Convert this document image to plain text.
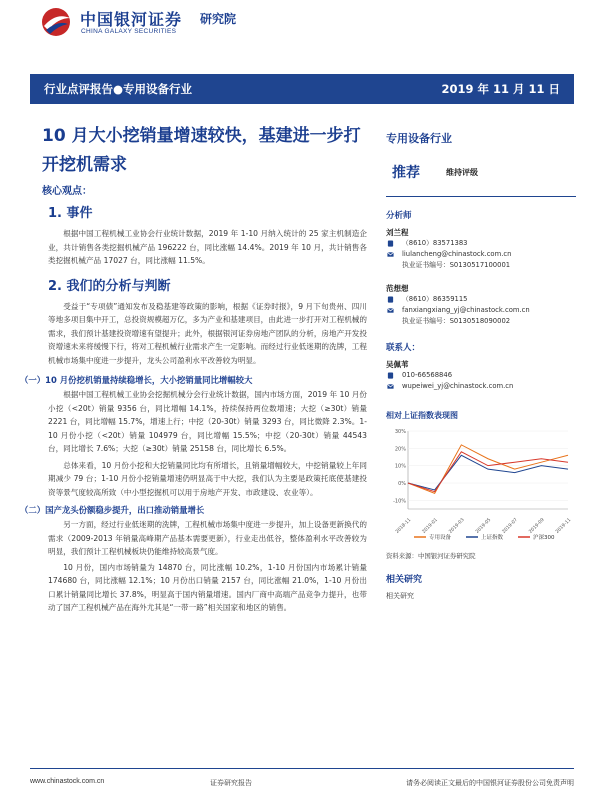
中国银河证券
CHINA GALAXY SECURITIES
研究院
行业点评报告●专用设备行业	2019 年 11 月 11 日
10 月大小挖销量增速较快，基建进一步打开挖机需求
核心观点：
1. 事件
根据中国工程机械工业协会行业统计数据，2019 年 1-10 月纳入统计的 25 家主机制造企业，共计销售各类挖掘机械产品 196222 台，同比涨幅 14.4%。2019 年 10 月，共计销售各类挖掘机械产品 17027 台，同比涨幅 11.5%。
2. 我们的分析与判断
受益于“专项债”通知发布及稳基建等政策的影响，根据《证券时报》，9 月下旬贵州、四川等地多项目集中开工，总投资规模超万亿，多为产业和基建项目，由此进一步打开对工程机械的需求，我们预计基建投资增速有望提升；此外，根据银河证券房地产团队的分析，房地产开发投资增速未来将缓慢下行，将对工程机械行业需求产生一定影响。而经过行业低迷期的洗牌，工程机械市场集中度进一步提升，龙头公司盈利水平改善较为明显。
（一）10 月份挖机销量持续稳增长，大小挖销量同比增幅较大
根据中国工程机械工业协会挖掘机械分会行业统计数据，国内市场方面，2019 年 10 月份小挖（<20t）销量 9356 台，同比增幅 14.1%，持续保持两位数增速；大挖（≥30t）销量 2221 台，同比增幅 15.7%，增速上行；中挖（20-30t）销量 3293 台，同比微降 2.3%。1-10 月份小挖（<20t）销量 104979 台，同比增幅 15.5%；中挖（20-30t）销量 44543 台，同比增长 7.6%；大挖（≥30t）销量 25158 台，同比增长 6.5%。
总体来看，10 月份小挖和大挖销量同比均有所增长，且销量增幅较大，中挖销量较上年同期减少 79 台；1-10 月份小挖销量增速仍明显高于中大挖，我们认为主要是政策托底使基建投资等景气度较高所致（中小型挖掘机可以用于房地产开发、市政建设、农业等）。
（二）国产龙头份额稳步提升，出口推动销量增长
另一方面，经过行业低迷期的洗牌，工程机械市场集中度进一步提升，加上设备更新换代的需求（2009-2013 年销量高峰期产品基本需要更新），行业走出低谷，整体盈利水平改善较为明显，我们预计工程机械板块仍能维持较高景气度。
10 月份，国内市场销量为 14870 台，同比涨幅 10.2%，1-10 月份国内市场累计销量 174680 台，同比涨幅 12.1%；10 月份出口销量 2157 台，同比涨幅 21.0%，1-10 月份出口累计销量同比增长 37.8%，明显高于国内销量增速。国内厂商中高端产品竞争力提升，也带动了国产工程机械产品在海外尤其是“一带一路”相关国家和地区的销售。
专用设备行业
推荐	维持评级
分析师
刘兰程
（8610）83571383
liulancheng@chinastock.com.cn
执业证书编号：S0130517100001
范想想
（8610）86359115
fanxiangxiang_yj@chinastock.com.cn
执业证书编号：S0130518090002
联系人：
吴佩苇
010-66568846
wupeiwei_yj@chinastock.com.cn
相对上证指数表现图
30%
20%
10%
0%
-10%
2018-11 2019-01 2019-03 2019-05 2019-07 2019-09 2019-11
专用设备	上证指数	沪深300
资料来源：中国银河证券研究院
相关研究
相关研究
www.chinastock.com.cn	证券研究报告	请务必阅读正文最后的中国银河证券股份公司免责声明
